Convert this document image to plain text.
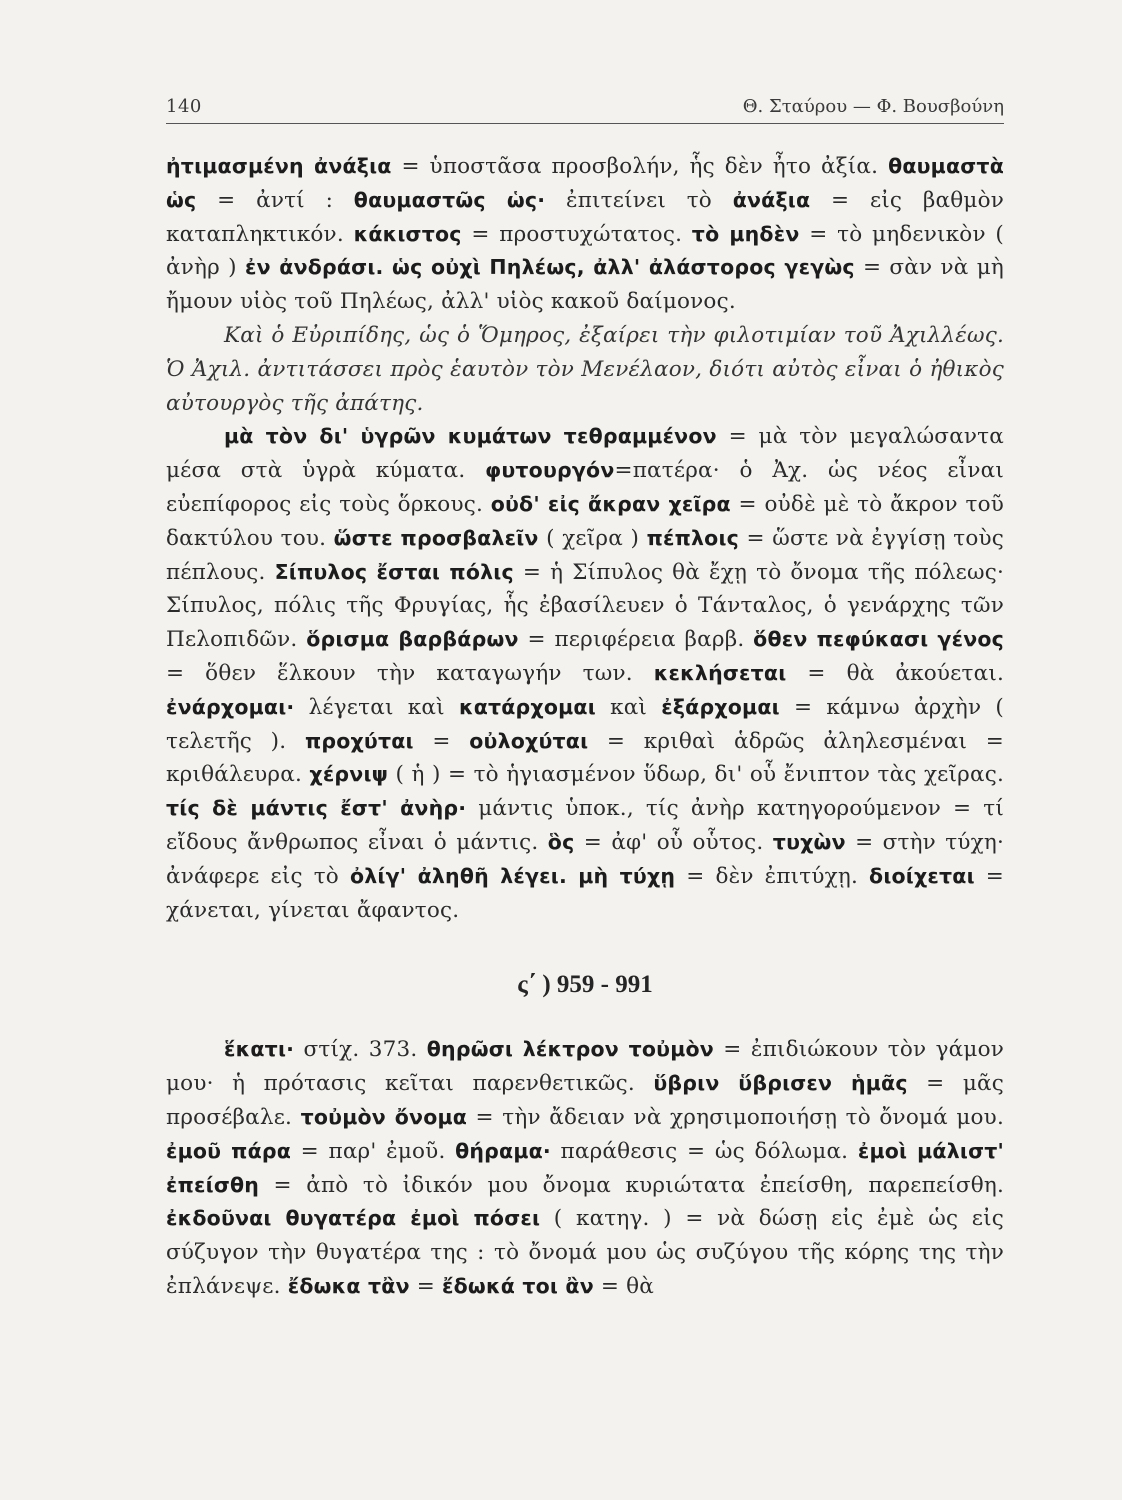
140	Θ. Σταύρου — Φ. Βουσβούνη

ἠτιμασμένη ἀνάξια = ὑποστᾶσα προσβολήν, ἧς δὲν ἦτο ἀξία. θαυμαστὰ ὡς = ἀντί : θαυμαστῶς ὡς· ἐπιτείνει τὸ ἀνάξια = εἰς βαθμὸν καταπληκτικόν. κάκιστος = προστυχώτατος. τὸ μηδὲν = τὸ μηδενικὸν ( ἀνὴρ ) ἐν ἀνδράσι. ὡς οὐχὶ Πηλέως, ἀλλ' ἀλάστορος γεγὼς = σὰν νὰ μὴ ἤμουν υἱὸς τοῦ Πηλέως, ἀλλ' υἱὸς κακοῦ δαίμονος.

Καὶ ὁ Εὐριπίδης, ὡς ὁ Ὅμηρος, ἐξαίρει τὴν φιλοτιμίαν τοῦ Ἀχιλλέως. Ὁ Ἀχιλ. ἀντιτάσσει πρὸς ἑαυτὸν τὸν Μενέλαον, διότι αὐτὸς εἶναι ὁ ἠθικὸς αὐτουργὸς τῆς ἀπάτης.

μὰ τὸν δι' ὑγρῶν κυμάτων τεθραμμένον = μὰ τὸν μεγαλώσαντα μέσα στὰ ὑγρὰ κύματα. φυτουργόν=πατέρα· ὁ Ἀχ. ὡς νέος εἶναι εὐεπίφορος εἰς τοὺς ὅρκους. οὐδ' εἰς ἄκραν χεῖρα = οὐδὲ μὲ τὸ ἄκρον τοῦ δακτύλου του. ὥστε προσβαλεῖν ( χεῖρα ) πέπλοις = ὥστε νὰ ἐγγίσῃ τοὺς πέπλους. Σίπυλος ἔσται πόλις = ἡ Σίπυλος θὰ ἔχῃ τὸ ὄνομα τῆς πόλεως· Σίπυλος, πόλις τῆς Φρυγίας, ἧς ἐβασίλευεν ὁ Τάνταλος, ὁ γενάρχης τῶν Πελοπιδῶν. ὅρισμα βαρβάρων = περιφέρεια βαρβ. ὅθεν πεφύκασι γένος = ὅθεν ἕλκουν τὴν καταγωγήν των. κεκλήσεται = θὰ ἀκούεται. ἐνάρχομαι· λέγεται καὶ κατάρχομαι καὶ ἐξάρχομαι = κάμνω ἀρχὴν ( τελετῆς ). προχύται = οὐλοχύται = κριθαὶ ἁδρῶς ἀληλεσμέναι = κριθάλευρα. χέρνιψ ( ἡ ) = τὸ ἡγιασμένον ὕδωρ, δι' οὗ ἔνιπτον τὰς χεῖρας. τίς δὲ μάντις ἔστ' ἀνὴρ· μάντις ὑποκ., τίς ἀνὴρ κατηγορούμενον = τί εἴδους ἄνθρωπος εἶναι ὁ μάντις. ὃς = ἀφ' οὗ οὗτος. τυχὼν = στὴν τύχη· ἀνάφερε εἰς τὸ ὀλίγ' ἀληθῆ λέγει. μὴ τύχῃ = δὲν ἐπιτύχῃ. διοίχεται = χάνεται, γίνεται ἄφαντος.

ς΄ ) 959 - 991

ἕκατι· στίχ. 373. θηρῶσι λέκτρον τοὐμὸν = ἐπιδιώκουν τὸν γάμον μου· ἡ πρότασις κεῖται παρενθετικῶς. ὕβριν ὕβρισεν ἡμᾶς = μᾶς προσέβαλε. τοὐμὸν ὄνομα = τὴν ἄδειαν νὰ χρησιμοποιήσῃ τὸ ὄνομά μου. ἐμοῦ πάρα = παρ' ἐμοῦ. θήραμα· παράθεσις = ὡς δόλωμα. ἐμοὶ μάλιστ' ἐπείσθη = ἀπὸ τὸ ἰδικόν μου ὄνομα κυριώτατα ἐπείσθη, παρεπείσθη. ἐκδοῦναι θυγατέρα ἐμοὶ πόσει ( κατηγ. ) = νὰ δώσῃ εἰς ἐμὲ ὡς εἰς σύζυγον τὴν θυγατέρα της : τὸ ὄνομά μου ὡς συζύγου τῆς κόρης της τὴν ἐπλάνεψε. ἔδωκα τἂν = ἔδωκά τοι ἂν = θὰ
